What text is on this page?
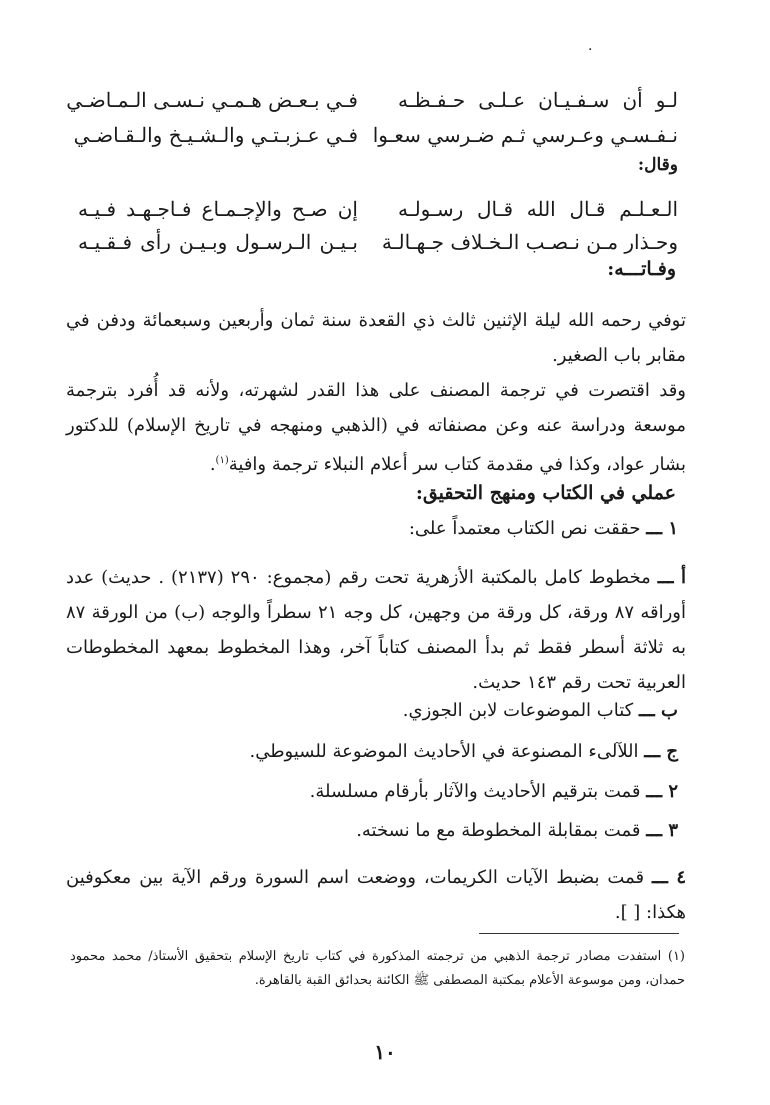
.
لـو أن سـفـيـان عـلـى حـفـظـه
فـي بـعـض هـمـي نـسـى الـمـاضـي
نـفـسـي وعـرسي ثـم ضـرسي سعـوا
فـي عـزبـتـي والـشـيـخ والـقـاضـي
وقال:
الـعـلـم قـال الله قـال رسـولـه
إن صـح والإجـمـاع فـاجـهـد فـيـه
وحـذار مـن نـصـب الـخـلاف جـهـالـة
بـيـن الـرسـول وبـيـن رأى فـقـيـه
وفـاتـــه:
توفي رحمه الله ليلة الإثنين ثالث ذي القعدة سنة ثمان وأربعين وسبعمائة ودفن في مقابر باب الصغير.
وقد اقتصرت في ترجمة المصنف على هذا القدر لشهرته، ولأنه قد أُفرد بترجمة موسعة ودراسة عنه وعن مصنفاته في (الذهبي ومنهجه في تاريخ الإسلام) للدكتور بشار عواد، وكذا في مقدمة كتاب سر أعلام النبلاء ترجمة وافية$^{(١)}$.
عملي في الكتاب ومنهج التحقيق:
١ ـــ حققت نص الكتاب معتمداً على:
أ ـــ مخطوط كامل بالمكتبة الأزهرية تحت رقم (مجموع: ٢٩٠ (٢١٣٧) . حديث) عدد أوراقه ٨٧ ورقة، كل ورقة من وجهين، كل وجه ٢١ سطراً والوجه (ب) من الورقة ٨٧ به ثلاثة أسطر فقط ثم بدأ المصنف كتاباً آخر، وهذا المخطوط بمعهد المخطوطات العربية تحت رقم ١٤٣ حديث.
ب ـــ كتاب الموضوعات لابن الجوزي.
ج ـــ اللآلىء المصنوعة في الأحاديث الموضوعة للسيوطي.
٢ ـــ قمت بترقيم الأحاديث والآثار بأرقام مسلسلة.
٣ ـــ قمت بمقابلة المخطوطة مع ما نسخته.
٤ ـــ قمت بضبط الآيات الكريمات، ووضعت اسم السورة ورقم الآية بين معكوفين هكذا: [ ].
(١) استفدت مصادر ترجمة الذهبي من ترجمته المذكورة في كتاب تاريخ الإسلام بتحقيق الأستاذ/ محمد محمود حمدان، ومن موسوعة الأعلام بمكتبة المصطفى ﷺ الكائنة بحدائق القبة بالقاهرة.
١٠
